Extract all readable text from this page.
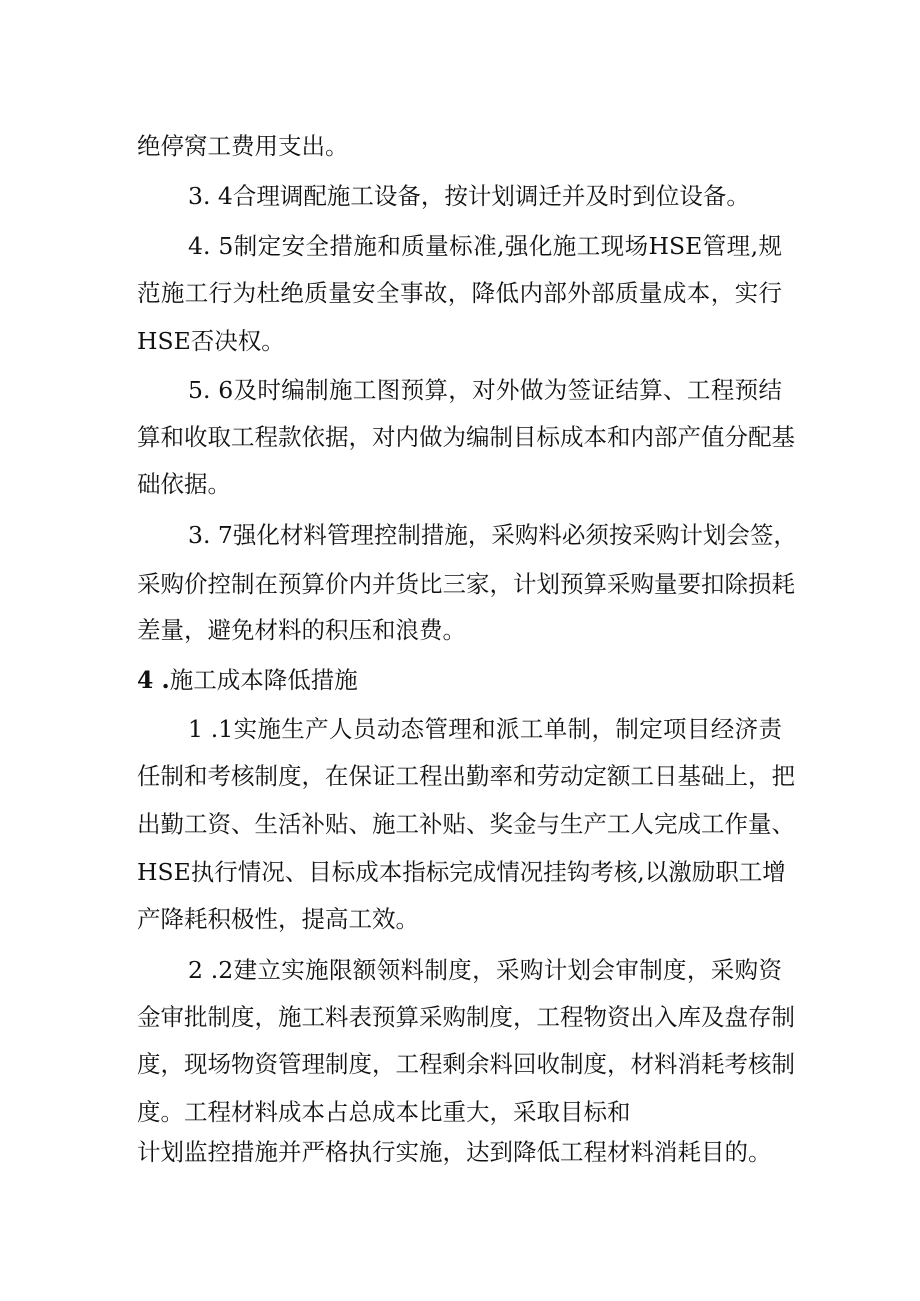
绝停窝工费用支出。

3. 4合理调配施工设备，按计划调迁并及时到位设备。

4. 5制定安全措施和质量标准,强化施工现场HSE管理,规

范施工行为杜绝质量安全事故，降低内部外部质量成本，实行

HSE否决权。

5. 6及时编制施工图预算，对外做为签证结算、工程预结

算和收取工程款依据，对内做为编制目标成本和内部产值分配基

础依据。

3. 7强化材料管理控制措施，采购料必须按采购计划会签，

采购价控制在预算价内并货比三家，计划预算采购量要扣除损耗

差量，避免材料的积压和浪费。

4 .施工成本降低措施

1 .1实施生产人员动态管理和派工单制，制定项目经济责

任制和考核制度，在保证工程出勤率和劳动定额工日基础上，把

出勤工资、生活补贴、施工补贴、奖金与生产工人完成工作量、

HSE执行情况、目标成本指标完成情况挂钩考核,以激励职工增

产降耗积极性，提高工效。

2 .2建立实施限额领料制度，采购计划会审制度，采购资

金审批制度，施工料表预算采购制度，工程物资出入库及盘存制

度，现场物资管理制度，工程剩余料回收制度，材料消耗考核制

度。工程材料成本占总成本比重大，采取目标和

计划监控措施并严格执行实施，达到降低工程材料消耗目的。
